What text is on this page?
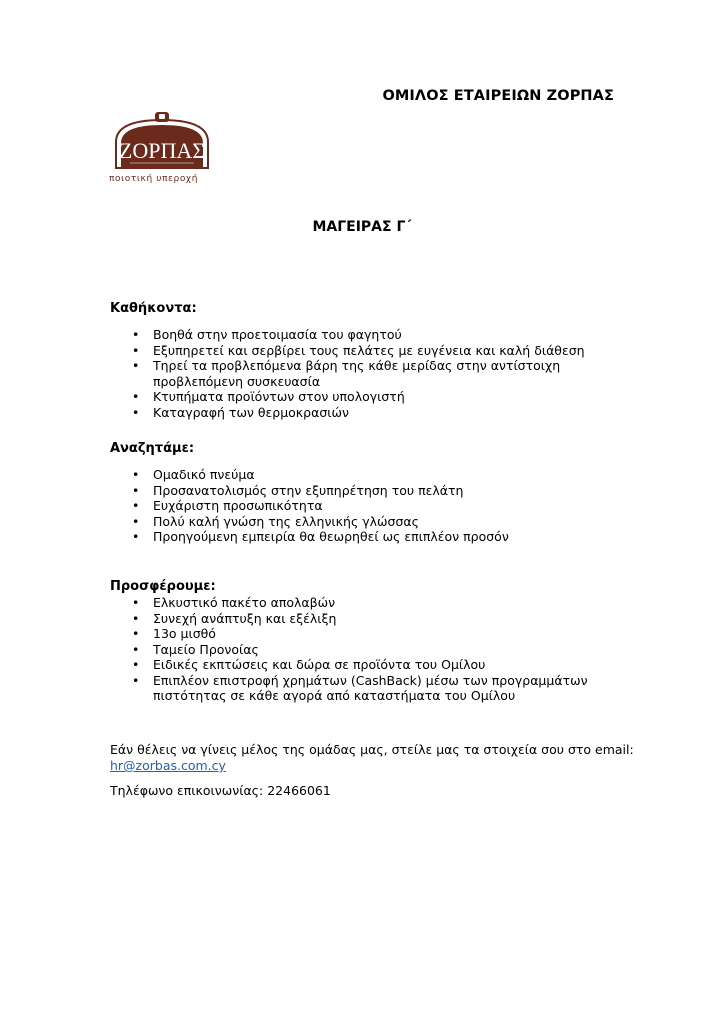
ΟΜΙΛΟΣ ΕΤΑΙΡΕΙΩΝ ΖΟΡΠΑΣ
ΖΟΡΠΑΣ
ποιοτική υπεροχή
ΜΑΓΕΙΡΑΣ Γ΄
Καθήκοντα:
• Βοηθά στην προετοιμασία του φαγητού
• Εξυπηρετεί και σερβίρει τους πελάτες με ευγένεια και καλή διάθεση
• Τηρεί τα προβλεπόμενα βάρη της κάθε μερίδας στην αντίστοιχη προβλεπόμενη συσκευασία
• Κτυπήματα προϊόντων στον υπολογιστή
• Καταγραφή των θερμοκρασιών
Αναζητάμε:
• Ομαδικό πνεύμα
• Προσανατολισμός στην εξυπηρέτηση του πελάτη
• Ευχάριστη προσωπικότητα
• Πολύ καλή γνώση της ελληνικής γλώσσας
• Προηγούμενη εμπειρία θα θεωρηθεί ως επιπλέον προσόν
Προσφέρουμε:
• Ελκυστικό πακέτο απολαβών
• Συνεχή ανάπτυξη και εξέλιξη
• 13ο μισθό
• Ταμείο Προνοίας
• Ειδικές εκπτώσεις και δώρα σε προϊόντα του Ομίλου
• Επιπλέον επιστροφή χρημάτων (CashBack) μέσω των προγραμμάτων πιστότητας σε κάθε αγορά από καταστήματα του Ομίλου
Εάν θέλεις να γίνεις μέλος της ομάδας μας, στείλε μας τα στοιχεία σου στο email:
hr@zorbas.com.cy
Τηλέφωνο επικοινωνίας: 22466061
